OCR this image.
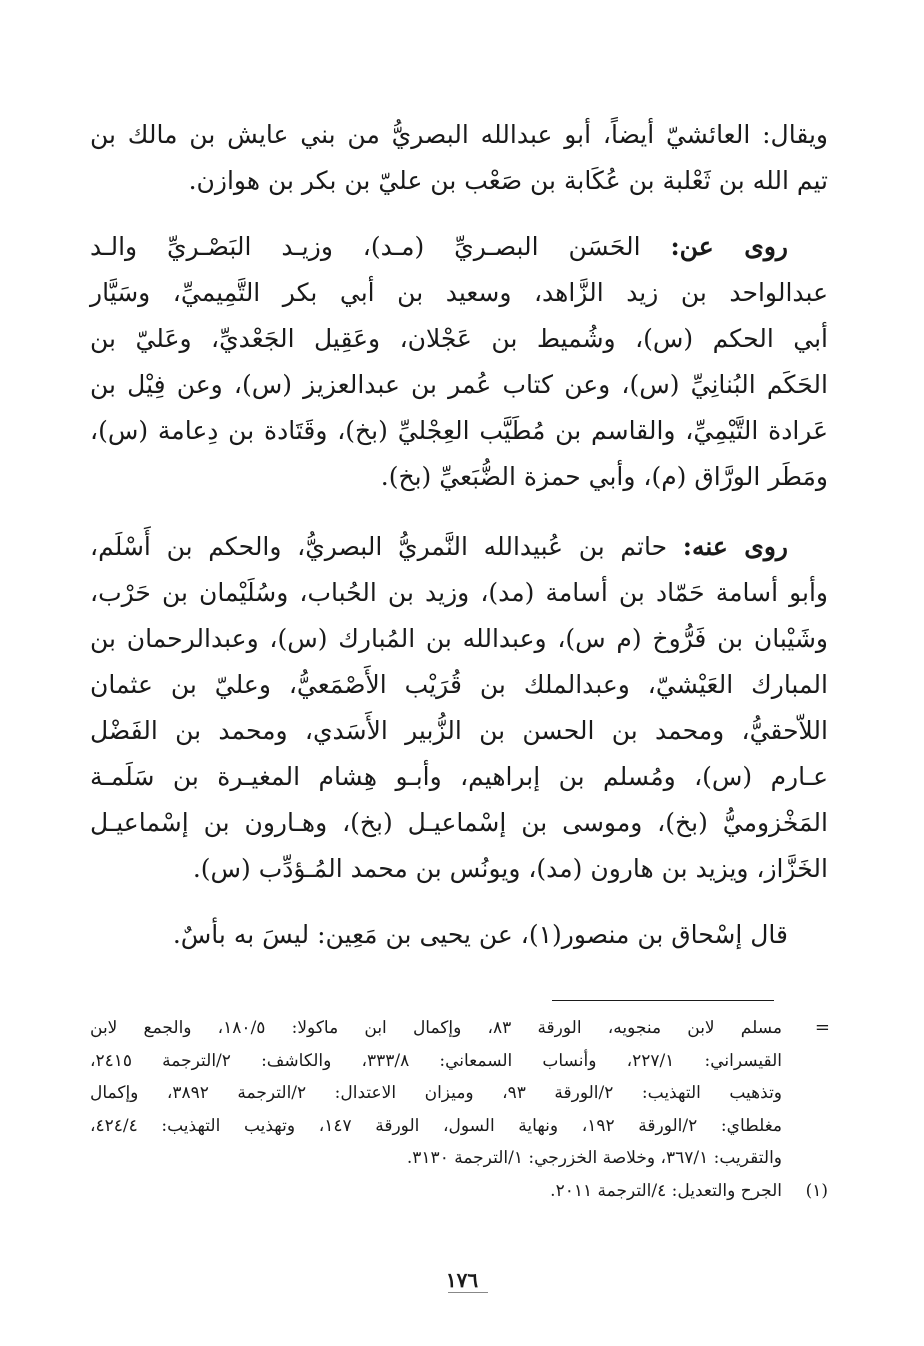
ويقال: العائشيّ أيضاً، أبو عبدالله البصريُّ من بني عايش بن مالك بن
تيم الله بن ثَعْلبة بن عُكَابة بن صَعْب بن عليّ بن بكر بن هوازن.
روى عن: الحَسَن البصـريِّ (مـد)، وزيـد البَصْـريِّ والـد
عبدالواحد بن زيد الزَّاهد، وسعيد بن أبي بكر التَّمِيميِّ، وسَيَّار
أبي الحكم (س)، وشُميط بن عَجْلان، وعَقِيل الجَعْديِّ، وعَليّ بن
الحَكَم البُنانِيِّ (س)، وعن كتاب عُمر بن عبدالعزيز (س)، وعن فِيْل بن
عَرادة التَّيْمِيِّ، والقاسم بن مُطَيَّب العِجْليِّ (بخ)، وقَتَادة بن دِعامة (س)،
ومَطَر الورَّاق (م)، وأبي حمزة الضُّبَعيِّ (بخ).
روى عنه: حاتم بن عُبيدالله النَّمريُّ البصريُّ، والحكم بن أَسْلَم،
وأبو أسامة حَمّاد بن أسامة (مد)، وزيد بن الحُباب، وسُلَيْمان بن حَرْب،
وشَيْبان بن فَرُّوخ (م س)، وعبدالله بن المُبارك (س)، وعبدالرحمان بن
المبارك العَيْشيّ، وعبدالملك بن قُرَيْب الأَصْمَعيُّ، وعليّ بن عثمان
اللاّحقيُّ، ومحمد بن الحسن بن الزُّبير الأَسَدي، ومحمد بن الفَضْل
عـارم (س)، ومُسلم بن إبراهيم، وأبـو هِشام المغيـرة بن سَلَمـة
المَخْزوميُّ (بخ)، وموسى بن إسْماعيـل (بخ)، وهـارون بن إسْماعيـل
الخَزَّاز، ويزيد بن هارون (مد)، ويونُس بن محمد المُـؤدِّب (س).
قال إسْحاق بن منصور(١)، عن يحيى بن مَعِين: ليسَ به بأسٌ.
=
مسلم لابن منجويه، الورقة ٨٣، وإكمال ابن ماكولا: ١٨٠/٥، والجمع لابن
القيسراني: ٢٢٧/١، وأنساب السمعاني: ٣٣٣/٨، والكاشف: ٢/الترجمة ٢٤١٥،
وتذهيب التهذيب: ٢/الورقة ٩٣، وميزان الاعتدال: ٢/الترجمة ٣٨٩٢، وإكمال
مغلطاي: ٢/الورقة ١٩٢، ونهاية السول، الورقة ١٤٧، وتهذيب التهذيب: ٤٢٤/٤،
والتقريب: ٣٦٧/١، وخلاصة الخزرجي: ١/الترجمة ٣١٣٠.
(١)الجرح والتعديل: ٤/الترجمة ٢٠١١.
١٧٦
